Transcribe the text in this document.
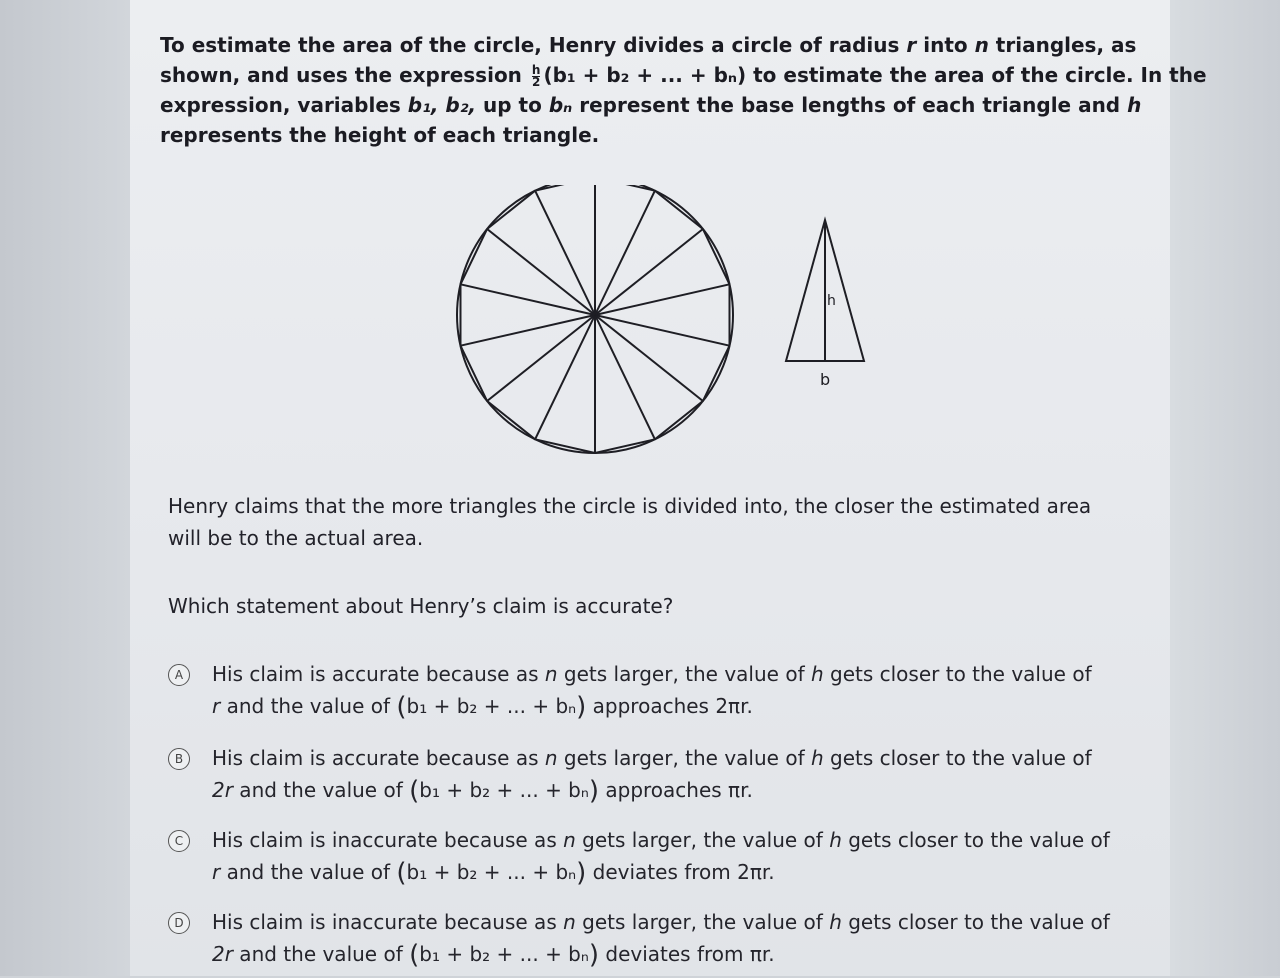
To estimate the area of the circle, Henry divides a circle of radius r into n triangles, as
shown, and uses the expression $\frac{h}{2} (b_1 + b_2$ + ... + bₙ) to estimate the area of the circle. In the
expression, variables b₁, b₂, up to bₙ represent the base lengths of each triangle and h
represents the height of each triangle.
h
b
Henry claims that the more triangles the circle is divided into, the closer the estimated area
will be to the actual area.
Which statement about Henry’s claim is accurate?
A	His claim is accurate because as n gets larger, the value of h gets closer to the value of
r and the value of (b₁ + b₂ + ... + bₙ) approaches 2πr.
B	His claim is accurate because as n gets larger, the value of h gets closer to the value of
2r and the value of (b₁ + b₂ + ... + bₙ) approaches πr.
C	His claim is inaccurate because as n gets larger, the value of h gets closer to the value of
r and the value of (b₁ + b₂ + ... + bₙ) deviates from 2πr.
D	His claim is inaccurate because as n gets larger, the value of h gets closer to the value of
2r and the value of (b₁ + b₂ + ... + bₙ) deviates from πr.
